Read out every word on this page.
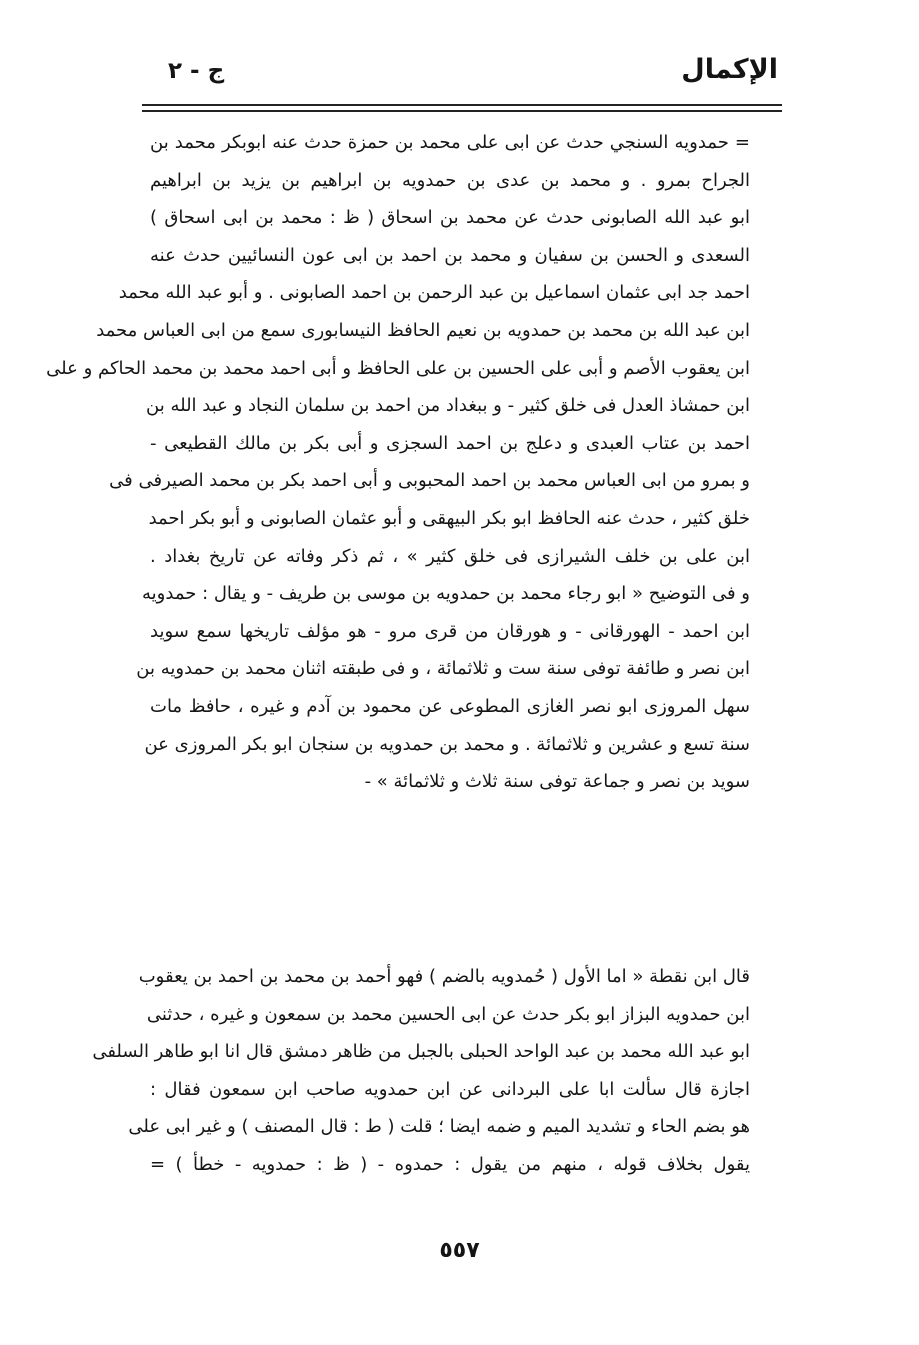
الإكمال
ج - ٢
= حمدويه السنجي حدث عن ابى على محمد بن حمزة حدث عنه ابوبكر محمد بن
الجراح بمرو . و محمد بن عدى بن حمدويه بن ابراهيم بن يزيد بن ابراهيم
ابو عبد الله الصابونى حدث عن محمد بن اسحاق ( ظ : محمد بن ابى اسحاق )
السعدى و الحسن بن سفيان و محمد بن احمد بن ابى عون النسائيين حدث عنه
احمد جد ابى عثمان اسماعيل بن عبد الرحمن بن احمد الصابونى . و أبو عبد الله محمد
ابن عبد الله بن محمد بن حمدويه بن نعيم الحافظ النيسابورى سمع من ابى العباس محمد
ابن يعقوب الأصم و أبى على الحسين بن على الحافظ و أبى احمد محمد بن محمد الحاكم و على
ابن حمشاذ العدل فى خلق كثير - و ببغداد من احمد بن سلمان النجاد و عبد الله بن
احمد بن عتاب العبدى و دعلج بن احمد السجزى و أبى بكر بن مالك القطيعى -
و بمرو من ابى العباس محمد بن احمد المحبوبى و أبى احمد بكر بن محمد الصيرفى فى
خلق كثير ، حدث عنه الحافظ ابو بكر البيهقى و أبو عثمان الصابونى و أبو بكر احمد
ابن على بن خلف الشيرازى فى خلق كثير » ، ثم ذكر وفاته عن تاريخ بغداد .
و فى التوضيح « ابو رجاء محمد بن حمدويه بن موسى بن طريف - و يقال : حمدويه
ابن احمد - الهورقانى - و هورقان من قرى مرو - هو مؤلف تاريخها سمع سويد
ابن نصر و طائفة توفى سنة ست و ثلاثمائة ، و فى طبقته اثنان محمد بن حمدويه بن
سهل المروزى ابو نصر الغازى المطوعى عن محمود بن آدم و غيره ، حافظ مات
سنة تسع و عشرين و ثلاثمائة . و محمد بن حمدويه بن سنجان ابو بكر المروزى عن
سويد بن نصر و جماعة توفى سنة ثلاث و ثلاثمائة » -
قال ابن نقطة « اما الأول ( حُمدويه بالضم ) فهو أحمد بن محمد بن احمد بن يعقوب
ابن حمدويه البزاز ابو بكر حدث عن ابى الحسين محمد بن سمعون و غيره ، حدثنى
ابو عبد الله محمد بن عبد الواحد الحبلى بالجبل من ظاهر دمشق قال انا ابو طاهر السلفى
اجازة قال سألت ابا على البردانى عن ابن حمدويه صاحب ابن سمعون فقال :
هو بضم الحاء و تشديد الميم و ضمه ايضا ؛ قلت ( ط : قال المصنف ) و غير ابى على
يقول بخلاف قوله ، منهم من يقول : حمدوه - ( ظ : حمدويه - خطأ ) =
٥٥٧
